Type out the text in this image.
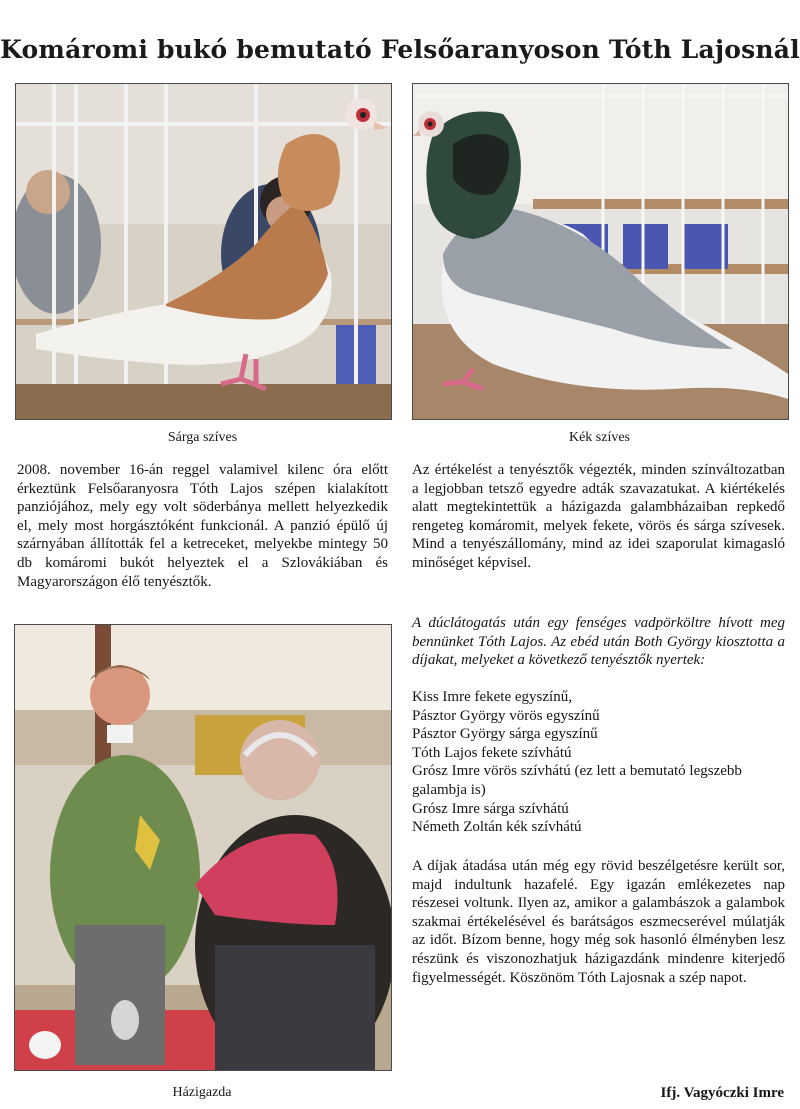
Komáromi bukó bemutató Felsőaranyoson Tóth Lajosnál
Sárga szíves	Kék szíves

2008. november 16-án reggel valamivel kilenc óra előtt érkeztünk Felsőaranyosra Tóth Lajos szépen kialakított panziójához, mely egy volt söderbánya mellett helyezkedik el, mely most horgásztóként funkcionál. A panzió épülő új szárnyában állították fel a ketreceket, melyekbe mintegy 50 db komáromi bukót helyeztek el a Szlovákiában és Magyarországon élő tenyésztők.

Házigazda

Az értékelést a tenyésztők végezték, minden színváltozatban a legjobban tetsző egyedre adták szavazatukat. A kiértékelés alatt megtekintettük a házigazda galambházaiban repkedő rengeteg komáromit, melyek fekete, vörös és sárga szívesek. Mind a tenyészállomány, mind az idei szaporulat kimagasló minőséget képvisel.

A dúclátogatás után egy fenséges vadpörköltre hívott meg bennünket Tóth Lajos. Az ebéd után Both György kiosztotta a díjakat, melyeket a következő tenyésztők nyertek:

Kiss Imre fekete egyszínű,
Pásztor György vörös egyszínű
Pásztor György sárga egyszínű
Tóth Lajos fekete szívhátú
Grósz Imre vörös szívhátú (ez lett a bemutató legszebb galambja is)
Grósz Imre sárga szívhátú
Németh Zoltán kék szívhátú

A díjak átadása után még egy rövid beszélgetésre került sor, majd indultunk hazafelé. Egy igazán emlékezetes nap részesei voltunk. Ilyen az, amikor a galambászok a galambok szakmai értékelésével és barátságos eszmecserével múlatják az időt. Bízom benne, hogy még sok hasonló élményben lesz részünk és viszonozhatjuk házigazdánk mindenre kiterjedő figyelmességét. Köszönöm Tóth Lajosnak a szép napot.

Ifj. Vagyóczki Imre
